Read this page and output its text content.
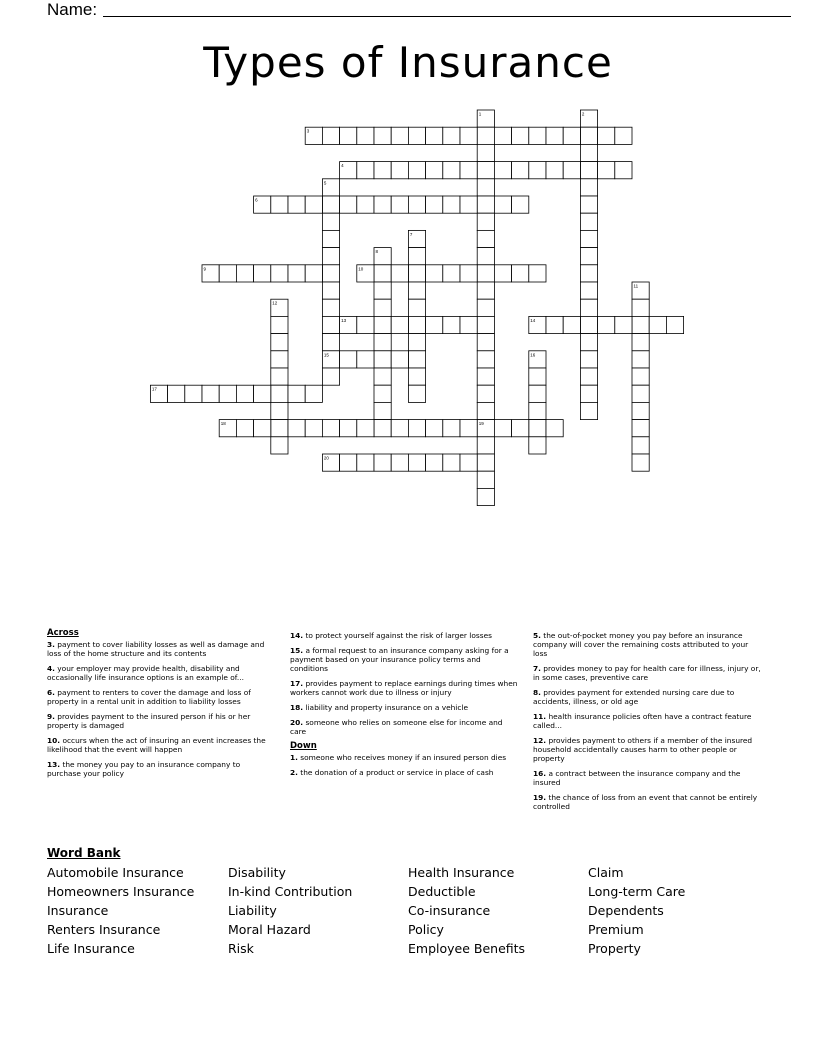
Name:
Types of Insurance
1	2
3
4
5
6
7
8
9	10
11
12
13	14
15	16
17
18	19
20
Across
3. payment to cover liability losses as well as damage and loss of the home structure and its contents
4. your employer may provide health, disability and occasionally life insurance options is an example of...
6. payment to renters to cover the damage and loss of property in a rental unit in addition to liability losses
9. provides payment to the insured person if his or her property is damaged
10. occurs when the act of insuring an event increases the likelihood that the event will happen
13. the money you pay to an insurance company to purchase your policy
14. to protect yourself against the risk of larger losses
15. a formal request to an insurance company asking for a payment based on your insurance policy terms and conditions
17. provides payment to replace earnings during times when workers cannot work due to illness or injury
18. liability and property insurance on a vehicle
20. someone who relies on someone else for income and care
Down
1. someone who receives money if an insured person dies
2. the donation of a product or service in place of cash
5. the out-of-pocket money you pay before an insurance company will cover the remaining costs attributed to your loss
7. provides money to pay for health care for illness, injury or, in some cases, preventive care
8. provides payment for extended nursing care due to accidents, illness, or old age
11. health insurance policies often have a contract feature called...
12. provides payment to others if a member of the insured household accidentally causes harm to other people or property
16. a contract between the insurance company and the insured
19. the chance of loss from an event that cannot be entirely controlled
Word Bank
Automobile Insurance
Homeowners Insurance
Insurance
Renters Insurance
Life Insurance
Disability
In-kind Contribution
Liability
Moral Hazard
Risk
Health Insurance
Deductible
Co-insurance
Policy
Employee Benefits
Claim
Long-term Care
Dependents
Premium
Property
